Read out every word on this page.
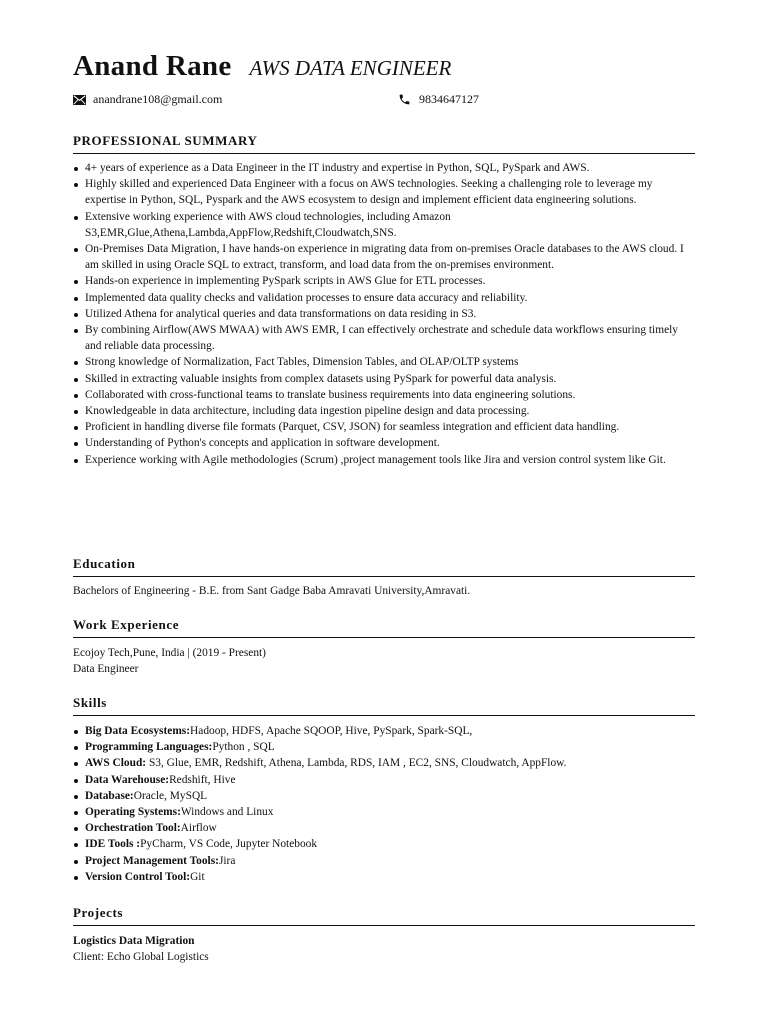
Anand Rane AWS DATA ENGINEER
anandrane108@gmail.com	9834647127
PROFESSIONAL SUMMARY
4+ years of experience as a Data Engineer in the IT industry and expertise in Python, SQL, PySpark and AWS.
Highly skilled and experienced Data Engineer with a focus on AWS technologies. Seeking a challenging role to leverage my expertise in Python, SQL, Pyspark and the AWS ecosystem to design and implement efficient data engineering solutions.
Extensive working experience with AWS cloud technologies, including Amazon S3,EMR,Glue,Athena,Lambda,AppFlow,Redshift,Cloudwatch,SNS.
On-Premises Data Migration, I have hands-on experience in migrating data from on-premises Oracle databases to the AWS cloud. I am skilled in using Oracle SQL to extract, transform, and load data from the on-premises environment.
Hands-on experience in implementing PySpark scripts in AWS Glue for ETL processes.
Implemented data quality checks and validation processes to ensure data accuracy and reliability.
Utilized Athena for analytical queries and data transformations on data residing in S3.
By combining Airflow(AWS MWAA) with AWS EMR, I can effectively orchestrate and schedule data workflows ensuring timely and reliable data processing.
Strong knowledge of Normalization, Fact Tables, Dimension Tables, and OLAP/OLTP systems
Skilled in extracting valuable insights from complex datasets using PySpark for powerful data analysis.
Collaborated with cross-functional teams to translate business requirements into data engineering solutions.
Knowledgeable in data architecture, including data ingestion pipeline design and data processing.
Proficient in handling diverse file formats (Parquet, CSV, JSON) for seamless integration and efficient data handling.
Understanding of Python's concepts and application in software development.
Experience working with Agile methodologies (Scrum) ,project management tools like Jira and version control system like Git.
Education
Bachelors of Engineering - B.E. from Sant Gadge Baba Amravati University,Amravati.
Work Experience
Ecojoy Tech,Pune, India | (2019 - Present)
Data Engineer
Skills
Big Data Ecosystems:Hadoop, HDFS, Apache SQOOP, Hive, PySpark, Spark-SQL,
Programming Languages:Python , SQL
AWS Cloud: S3, Glue, EMR, Redshift, Athena, Lambda, RDS, IAM , EC2, SNS, Cloudwatch, AppFlow.
Data Warehouse:Redshift, Hive
Database:Oracle, MySQL
Operating Systems:Windows and Linux
Orchestration Tool:Airflow
IDE Tools :PyCharm, VS Code, Jupyter Notebook
Project Management Tools:Jira
Version Control Tool:Git
Projects
Logistics Data Migration
Client: Echo Global Logistics
